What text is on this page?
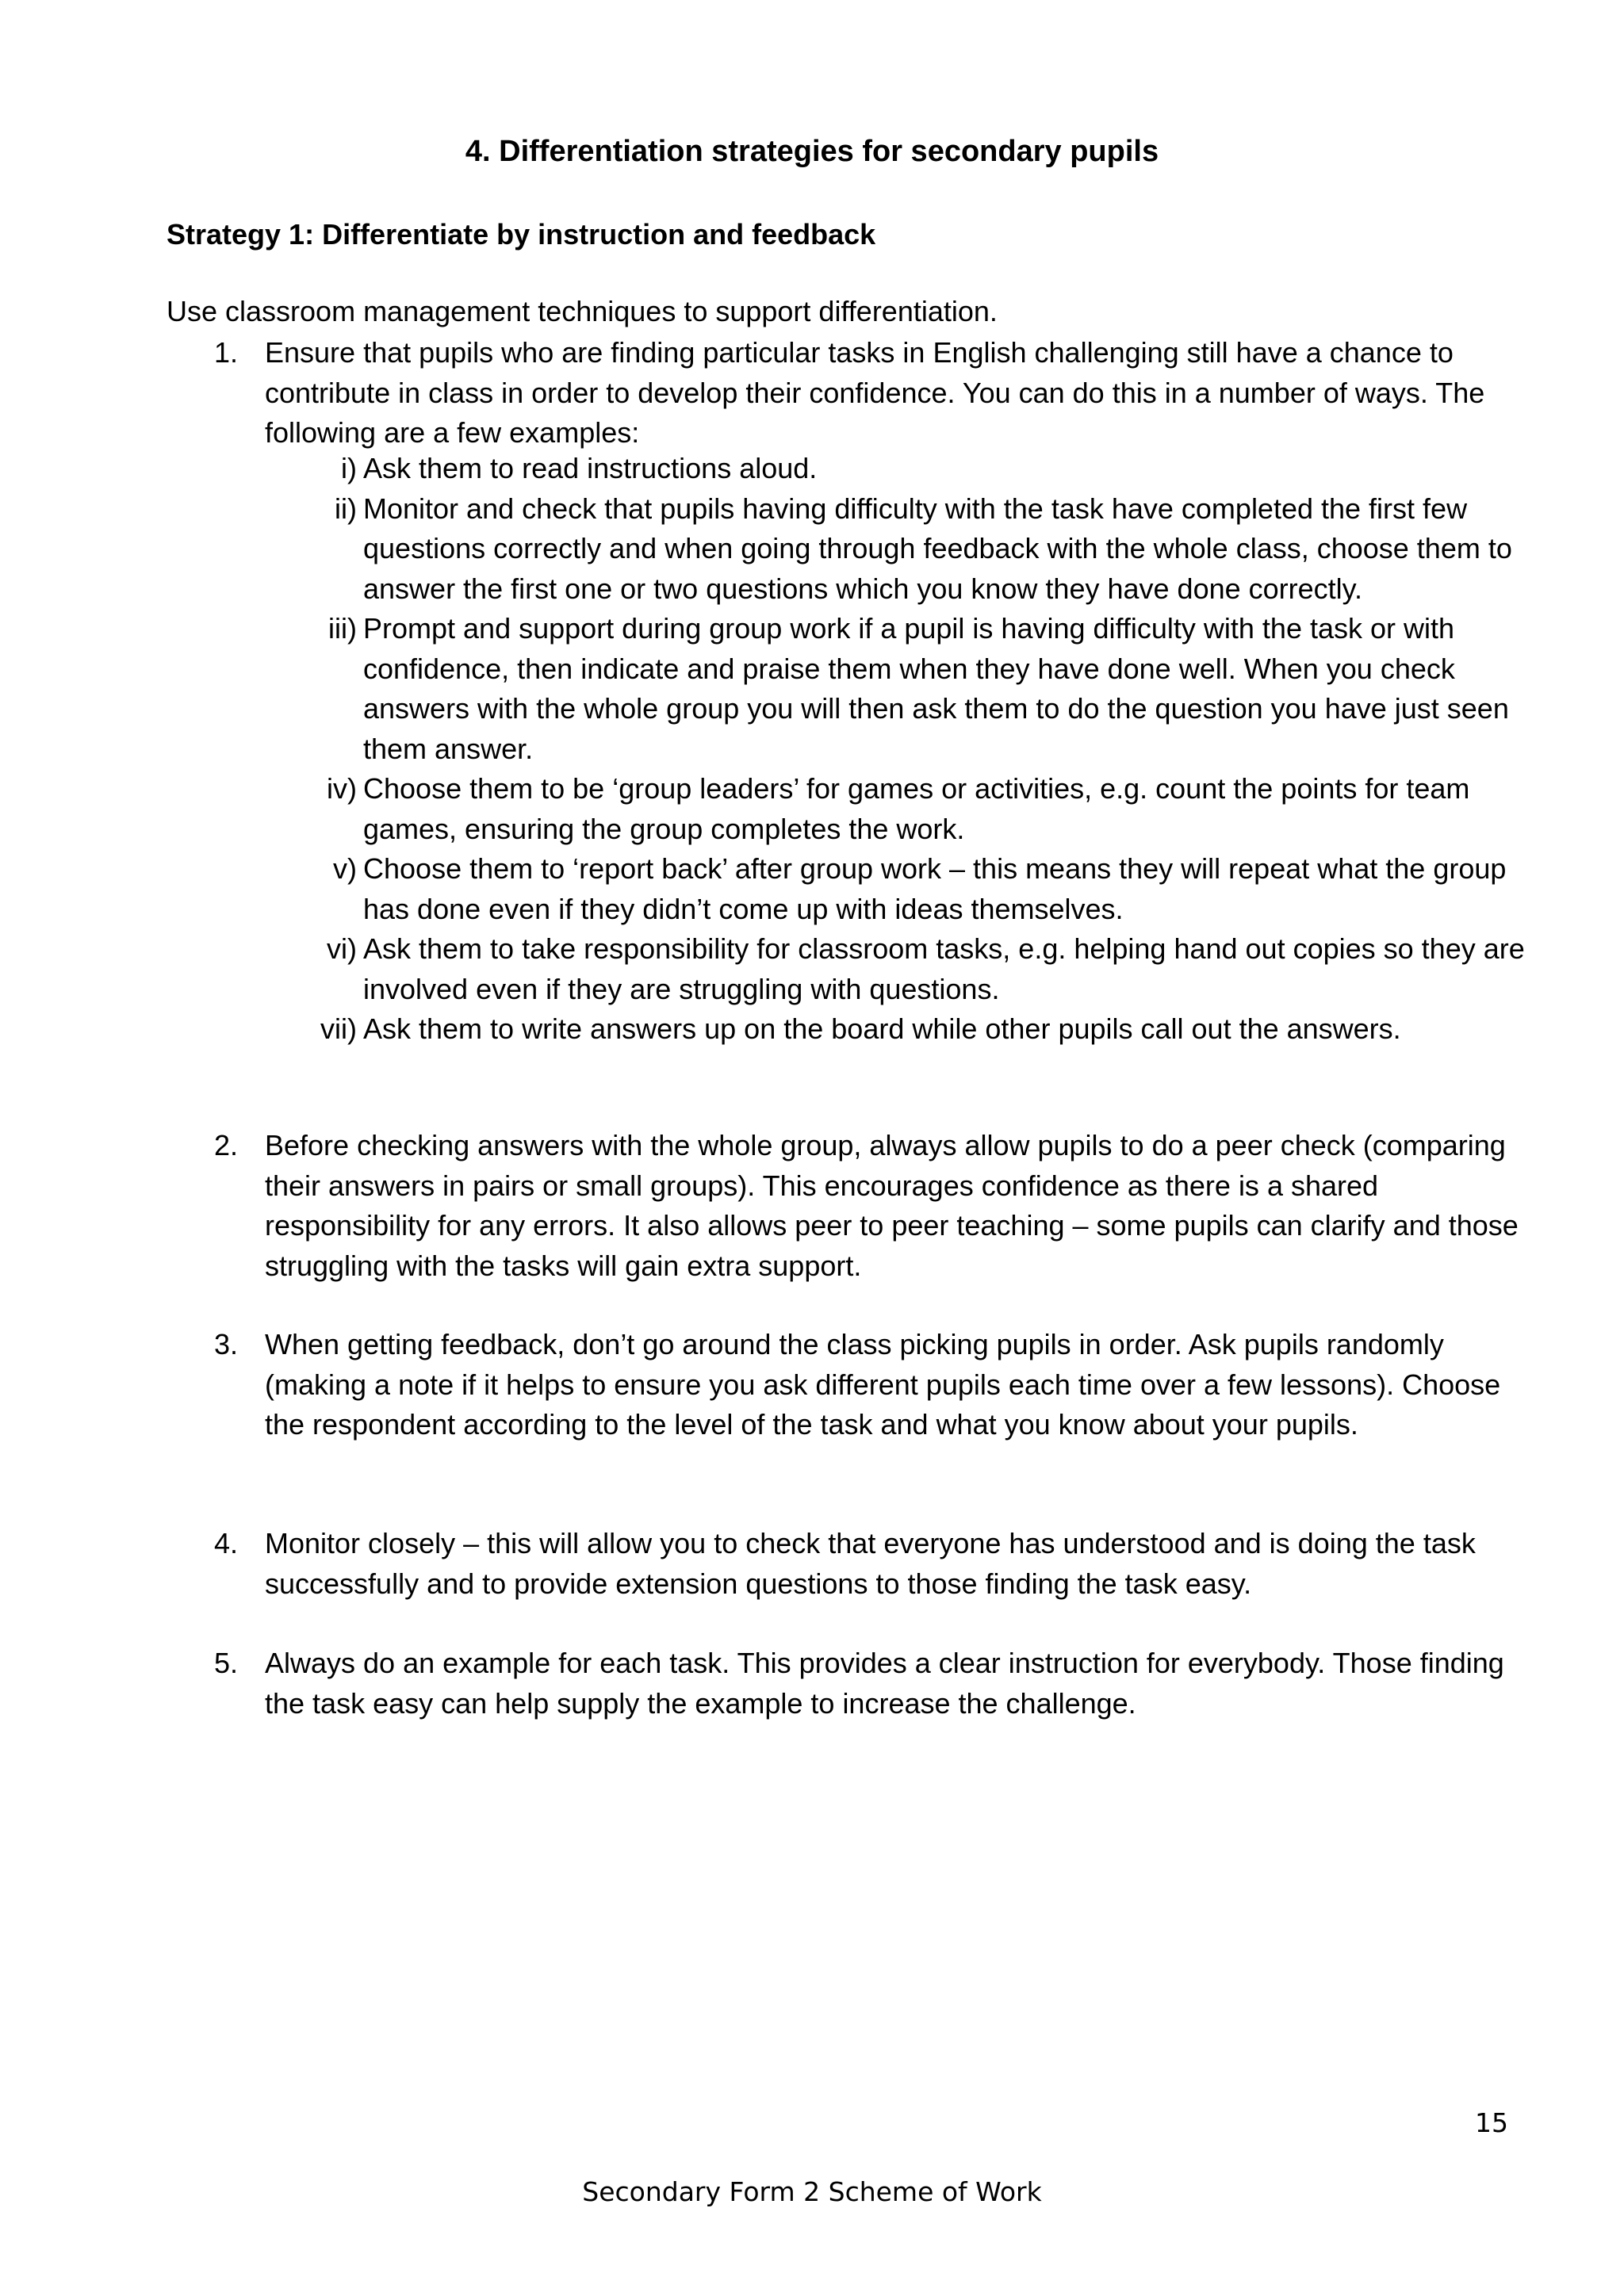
4. Differentiation strategies for secondary pupils
Strategy 1: Differentiate by instruction and feedback
Use classroom management techniques to support differentiation.
1. Ensure that pupils who are finding particular tasks in English challenging still have a chance to contribute in class in order to develop their confidence. You can do this in a number of ways. The following are a few examples:
i) Ask them to read instructions aloud.
ii) Monitor and check that pupils having difficulty with the task have completed the first few questions correctly and when going through feedback with the whole class, choose them to answer the first one or two questions which you know they have done correctly.
iii) Prompt and support during group work if a pupil is having difficulty with the task or with confidence, then indicate and praise them when they have done well. When you check answers with the whole group you will then ask them to do the question you have just seen them answer.
iv) Choose them to be ‘group leaders’ for games or activities, e.g. count the points for team games, ensuring the group completes the work.
v) Choose them to ‘report back’ after group work – this means they will repeat what the group has done even if they didn’t come up with ideas themselves.
vi) Ask them to take responsibility for classroom tasks, e.g. helping hand out copies so they are involved even if they are struggling with questions.
vii) Ask them to write answers up on the board while other pupils call out the answers.
2. Before checking answers with the whole group, always allow pupils to do a peer check (comparing their answers in pairs or small groups). This encourages confidence as there is a shared responsibility for any errors. It also allows peer to peer teaching – some pupils can clarify and those struggling with the tasks will gain extra support.
3. When getting feedback, don’t go around the class picking pupils in order. Ask pupils randomly (making a note if it helps to ensure you ask different pupils each time over a few lessons). Choose the respondent according to the level of the task and what you know about your pupils.
4. Monitor closely – this will allow you to check that everyone has understood and is doing the task successfully and to provide extension questions to those finding the task easy.
5. Always do an example for each task. This provides a clear instruction for everybody. Those finding the task easy can help supply the example to increase the challenge.
15
Secondary Form 2 Scheme of Work
